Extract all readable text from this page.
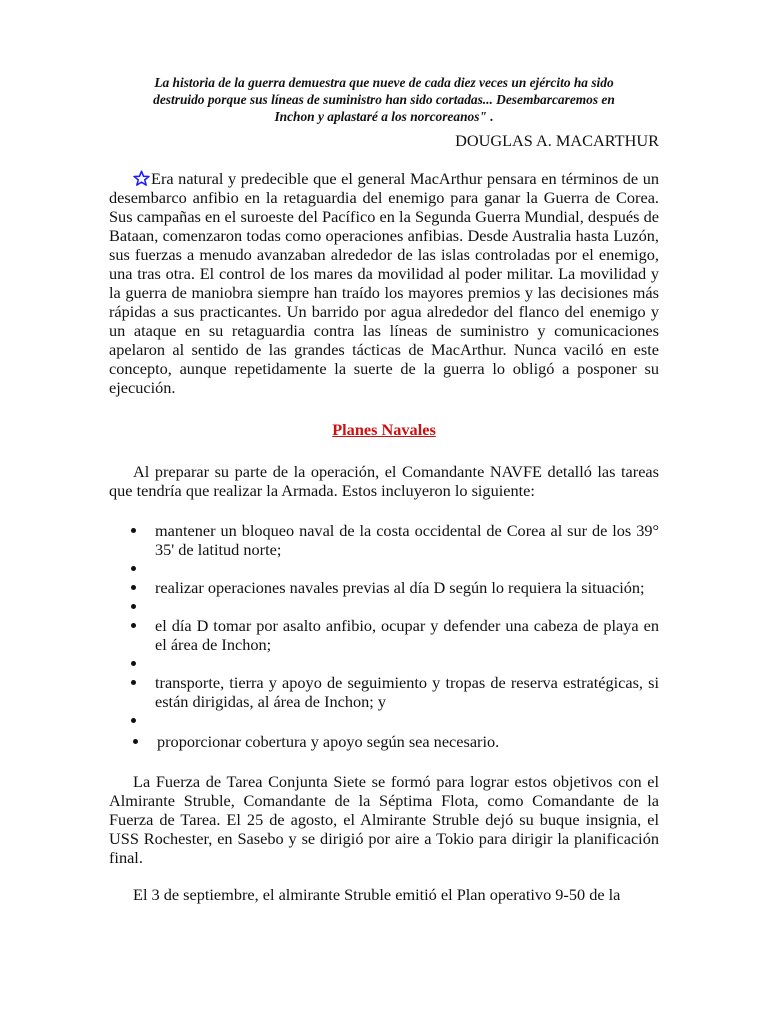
La historia de la guerra demuestra que nueve de cada diez veces un ejército ha sido
destruido porque sus líneas de suministro han sido cortadas... Desembarcaremos en
Inchon y aplastaré a los norcoreanos" .

DOUGLAS A. MACARTHUR

Era natural y predecible que el general MacArthur pensara en términos de un desembarco anfibio en la retaguardia del enemigo para ganar la Guerra de Corea. Sus campañas en el suroeste del Pacífico en la Segunda Guerra Mundial, después de Bataan, comenzaron todas como operaciones anfibias. Desde Australia hasta Luzón, sus fuerzas a menudo avanzaban alrededor de las islas controladas por el enemigo, una tras otra. El control de los mares da movilidad al poder militar. La movilidad y la guerra de maniobra siempre han traído los mayores premios y las decisiones más rápidas a sus practicantes. Un barrido por agua alrededor del flanco del enemigo y un ataque en su retaguardia contra las líneas de suministro y comunicaciones apelaron al sentido de las grandes tácticas de MacArthur. Nunca vaciló en este concepto, aunque repetidamente la suerte de la guerra lo obligó a posponer su ejecución.

Planes Navales

Al preparar su parte de la operación, el Comandante NAVFE detalló las tareas que tendría que realizar la Armada. Estos incluyeron lo siguiente:

mantener un bloqueo naval de la costa occidental de Corea al sur de los 39° 35' de latitud norte;
realizar operaciones navales previas al día D según lo requiera la situación;
el día D tomar por asalto anfibio, ocupar y defender una cabeza de playa en el área de Inchon;
transporte, tierra y apoyo de seguimiento y tropas de reserva estratégicas, si están dirigidas, al área de Inchon; y
proporcionar cobertura y apoyo según sea necesario.

La Fuerza de Tarea Conjunta Siete se formó para lograr estos objetivos con el Almirante Struble, Comandante de la Séptima Flota, como Comandante de la Fuerza de Tarea. El 25 de agosto, el Almirante Struble dejó su buque insignia, el USS Rochester, en Sasebo y se dirigió por aire a Tokio para dirigir la planificación final.

El 3 de septiembre, el almirante Struble emitió el Plan operativo 9-50 de la
